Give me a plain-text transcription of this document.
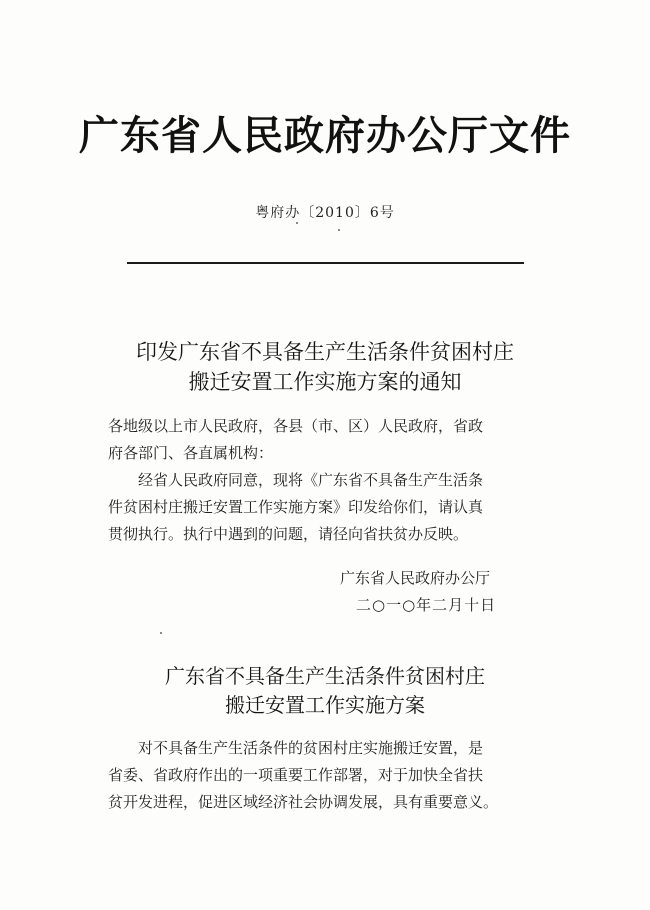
广东省人民政府办公厅文件
粤府办〔2010〕6号
印发广东省不具备生产生活条件贫困村庄
搬迁安置工作实施方案的通知
各地级以上市人民政府，各县（市、区）人民政府，省政
府各部门、各直属机构：
经省人民政府同意，现将《广东省不具备生产生活条
件贫困村庄搬迁安置工作实施方案》印发给你们，请认真
贯彻执行。执行中遇到的问题，请径向省扶贫办反映。
广东省人民政府办公厅
二○一○年二月十日
广东省不具备生产生活条件贫困村庄
搬迁安置工作实施方案
对不具备生产生活条件的贫困村庄实施搬迁安置，是
省委、省政府作出的一项重要工作部署，对于加快全省扶
贫开发进程，促进区域经济社会协调发展，具有重要意义。
